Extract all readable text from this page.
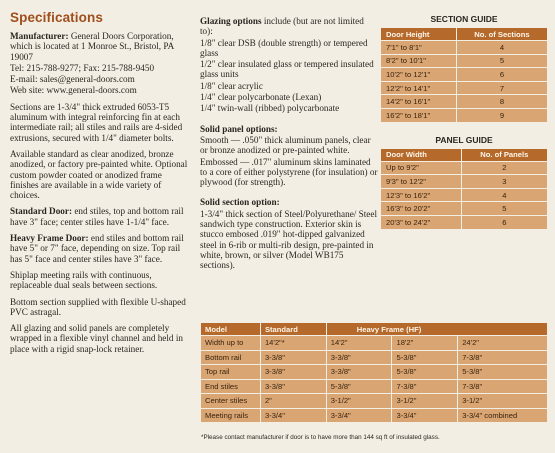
Specifications

Manufacturer: General Doors Corporation, which is located at 1 Monroe St., Bristol, PA 19007

Tel: 215-788-9277; Fax: 215-788-9450

E-mail: sales@general-doors.com

Web site: www.general-doors.com

Sections are 1-3/4" thick extruded 6053-T5 aluminum with integral reinforcing fin at each intermediate rail; all stiles and rails are 4-sided extrusions, secured with 1/4" diameter bolts.

Available standard as clear anodized, bronze anodized, or factory pre-painted white. Optional custom powder coated or anodized frame finishes are available in a wide variety of choices.

Standard Door: end stiles, top and bottom rail have 3" face; center stiles have 1-1/4" face.

Heavy Frame Door: end stiles and bottom rail have 5" or 7" face, depending on size. Top rail has 5" face and center stiles have 3" face.

Shiplap meeting rails with continuous, replaceable dual seals between sections.

Bottom section supplied with flexible U-shaped PVC astragal.

All glazing and solid panels are completely wrapped in a flexible vinyl channel and held in place with a rigid snap-lock retainer.

Glazing options include (but are not limited to):

1/8" clear DSB (double strength) or tempered glass

1/2" clear insulated glass or tempered insulated glass units

1/8" clear acrylic

1/4" clear polycarbonate (Lexan)

1/4" twin-wall (ribbed) polycarbonate

Solid panel options:

Smooth — .050" thick aluminum panels, clear or bronze anodized or pre-painted white.

Embossed — .017" aluminum skins laminated to a core of either polystyrene (for insulation) or plywood (for strength).

Solid section option:

1-3/4" thick section of Steel/Polyurethane/ Steel sandwich type construction. Exterior skin is stucco embosed .019" hot-dipped galvanized steel in 6-rib or multi-rib design, pre-painted in white, brown, or silver (Model WB175 sections).

SECTION GUIDE
Door Height	No. of Sections
7'1" to 8'1"	4
8'2" to 10'1"	5
10'2" to 12'1"	6
12'2" to 14'1"	7
14'2" to 16'1"	8
16'2" to 18'1"	9
PANEL GUIDE
Door Width	No. of Panels
Up to 9'2"	2
9'3" to 12'2"	3
12'3" to 16'2"	4
16'3" to 20'2"	5
20'3" to 24'2"	6
Model	Standard	Heavy Frame (HF)		
Width up to	14'2"*	14'2"	18'2"	24'2"
Bottom rail	3-3/8"	3-3/8"	5-3/8"	7-3/8"
Top rail	3-3/8"	3-3/8"	5-3/8"	5-3/8"
End stiles	3-3/8"	5-3/8"	7-3/8"	7-3/8"
Center stiles	2"	3-1/2"	3-1/2"	3-1/2"
Meeting rails	3-3/4"	3-3/4"	3-3/4"	3-3/4" combined
*Please contact manufacturer if door is to have more than 144 sq ft of insulated glass.
